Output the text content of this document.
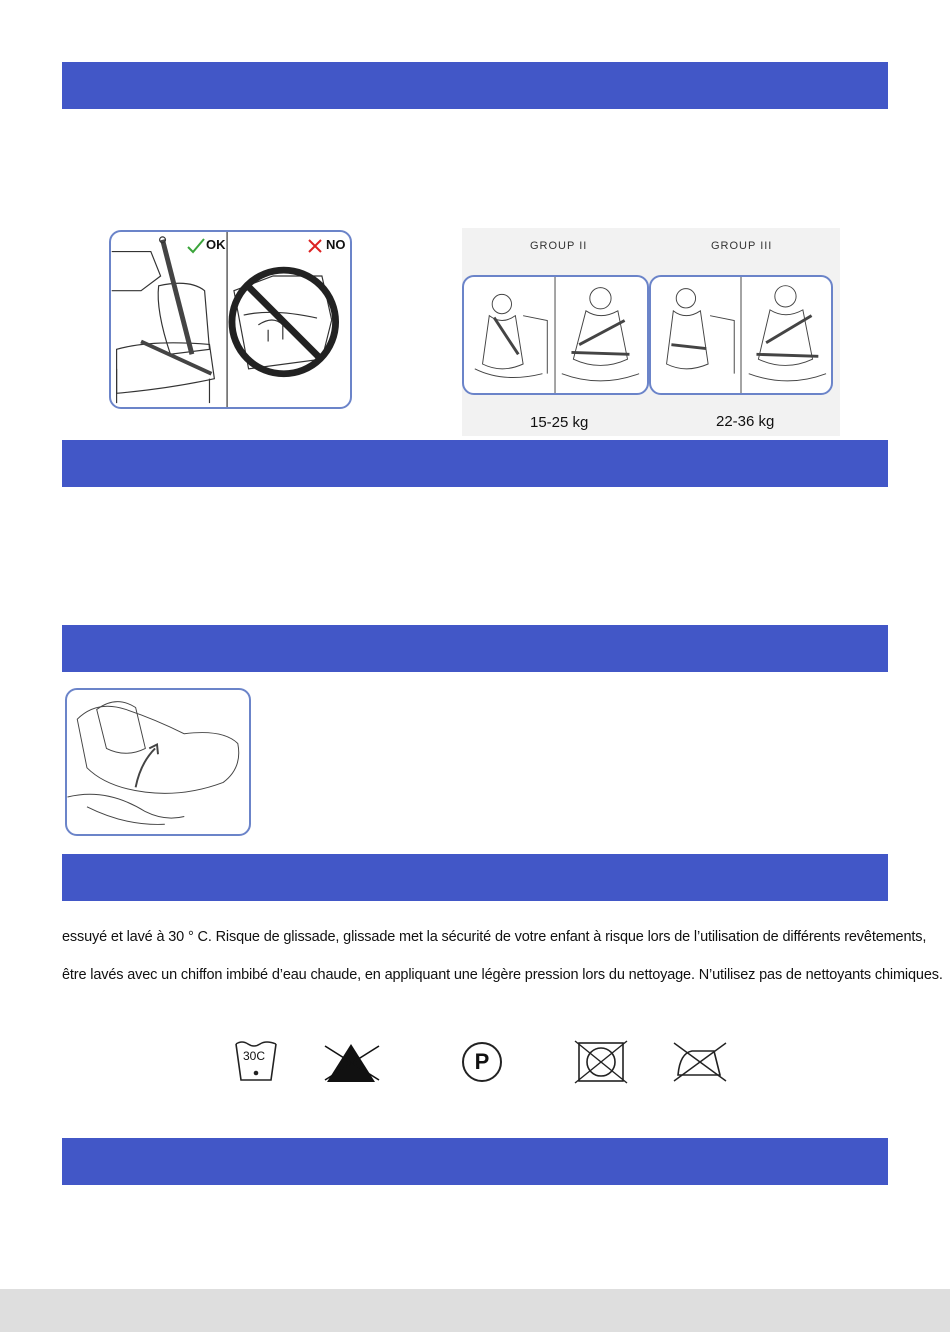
OK	NO	GROUP II	GROUP III
15-25 kg	22-36 kg
essuyé et lavé à 30 ° C. Risque de glissade, glissade met la sécurité de votre enfant à risque lors de l’utilisation de différents revêtements,
être lavés avec un chiffon imbibé d’eau chaude, en appliquant une légère pression lors du nettoyage. N’utilisez pas de nettoyants chimiques.
30C	P
